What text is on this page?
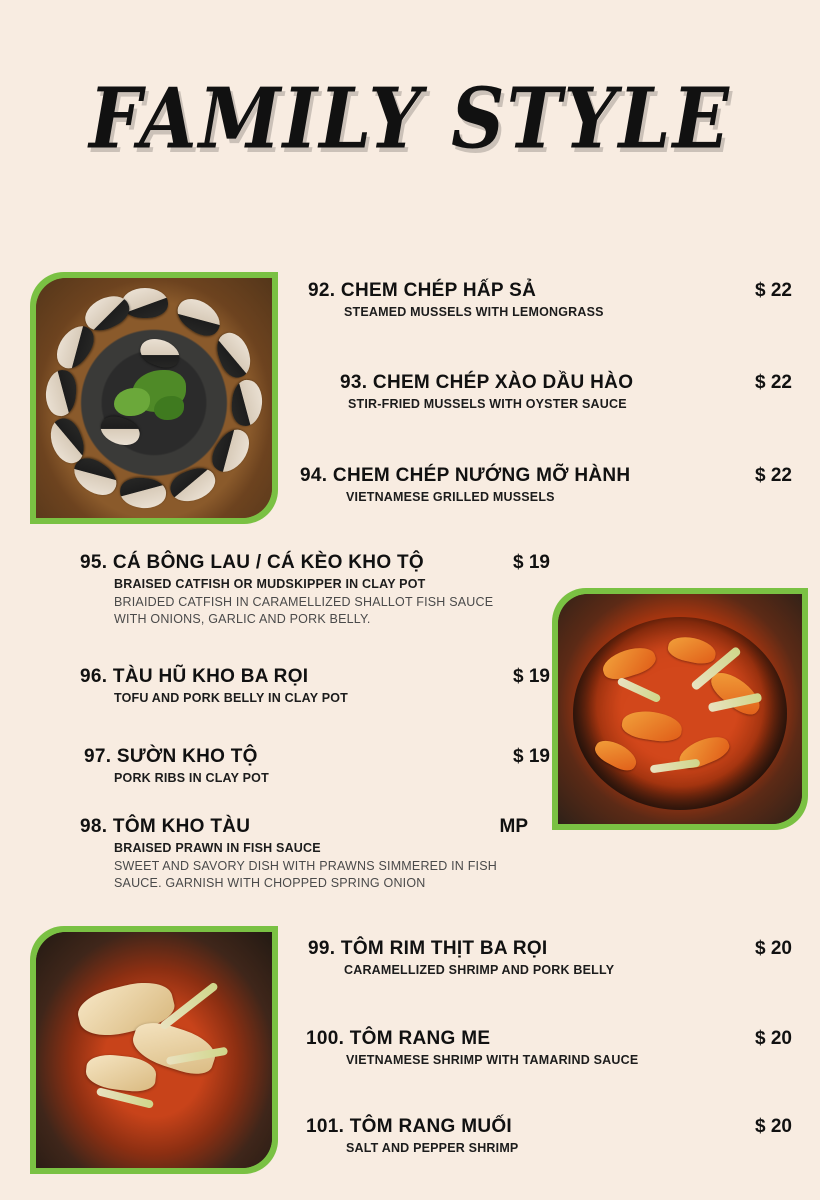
FAMILY STYLE
92. CHEM CHÉP HẤP SẢ	$ 22
STEAMED MUSSELS WITH LEMONGRASS
93. CHEM CHÉP XÀO DẦU HÀO	$ 22
STIR-FRIED MUSSELS WITH OYSTER SAUCE
94. CHEM CHÉP NƯỚNG MỠ HÀNH	$ 22
VIETNAMESE GRILLED MUSSELS
95. CÁ BÔNG LAU / CÁ KÈO KHO TỘ	$ 19
BRAISED CATFISH OR MUDSKIPPER IN CLAY POT
BRIAIDED CATFISH IN CARAMELLIZED SHALLOT FISH SAUCE WITH ONIONS, GARLIC AND PORK BELLY.
96. TÀU HŨ KHO BA RỌI	$ 19
TOFU AND PORK BELLY IN CLAY POT
97. SƯỜN KHO TỘ	$ 19
PORK RIBS IN CLAY POT
98. TÔM KHO TÀU	MP
BRAISED PRAWN IN FISH SAUCE
SWEET AND SAVORY DISH WITH PRAWNS SIMMERED IN FISH SAUCE. GARNISH WITH CHOPPED SPRING ONION
99. TÔM RIM THỊT BA RỌI	$ 20
CARAMELLIZED SHRIMP AND PORK BELLY
100. TÔM RANG ME	$ 20
VIETNAMESE SHRIMP WITH TAMARIND SAUCE
101. TÔM RANG MUỐI	$ 20
SALT AND PEPPER SHRIMP
